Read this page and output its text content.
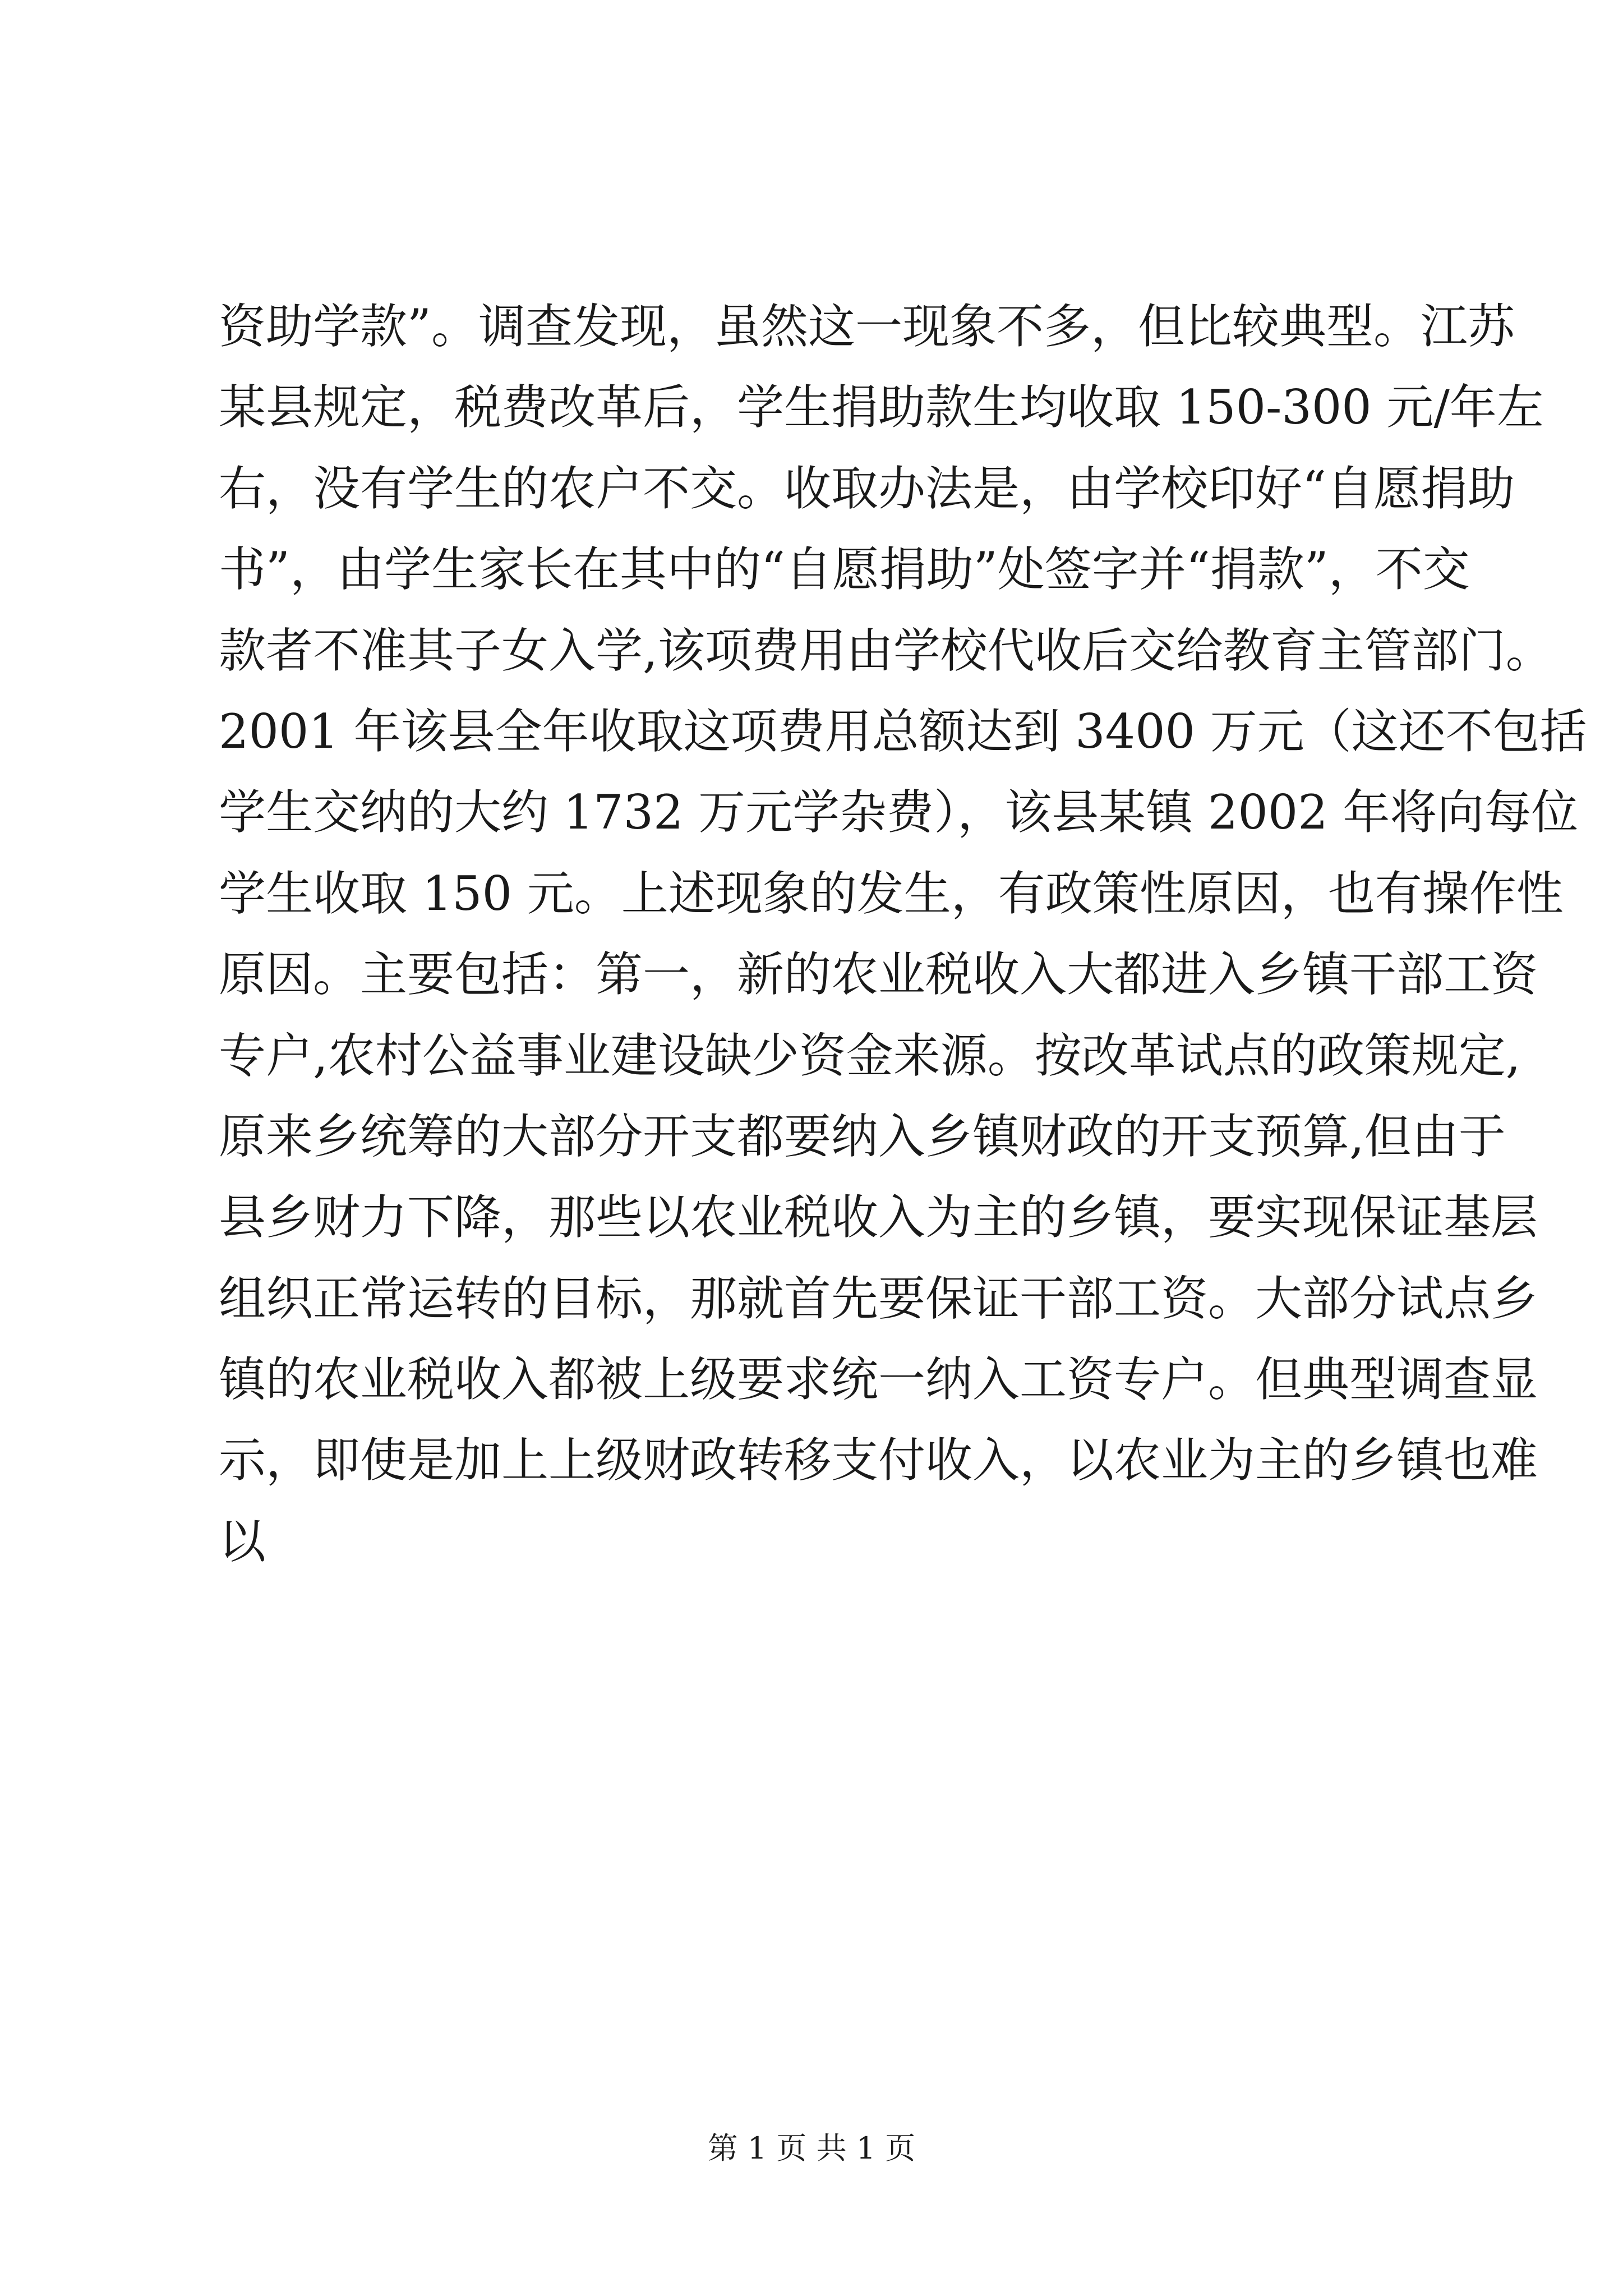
资助学款”。调查发现，虽然这一现象不多，但比较典型。江苏
某县规定，税费改革后，学生捐助款生均收取 150-300 元/年左
右，没有学生的农户不交。收取办法是，由学校印好“自愿捐助
书”，由学生家长在其中的“自愿捐助”处签字并“捐款”，不交
款者不准其子女入学,该项费用由学校代收后交给教育主管部门。
2001 年该县全年收取这项费用总额达到 3400 万元（这还不包括
学生交纳的大约 1732 万元学杂费），该县某镇 2002 年将向每位
学生收取 150 元。上述现象的发生，有政策性原因，也有操作性
原因。主要包括：第一，新的农业税收入大都进入乡镇干部工资
专户,农村公益事业建设缺少资金来源。按改革试点的政策规定,
原来乡统筹的大部分开支都要纳入乡镇财政的开支预算,但由于
县乡财力下降，那些以农业税收入为主的乡镇，要实现保证基层
组织正常运转的目标，那就首先要保证干部工资。大部分试点乡
镇的农业税收入都被上级要求统一纳入工资专户。但典型调查显
示，即使是加上上级财政转移支付收入，以农业为主的乡镇也难
以
第 1 页 共 1 页
